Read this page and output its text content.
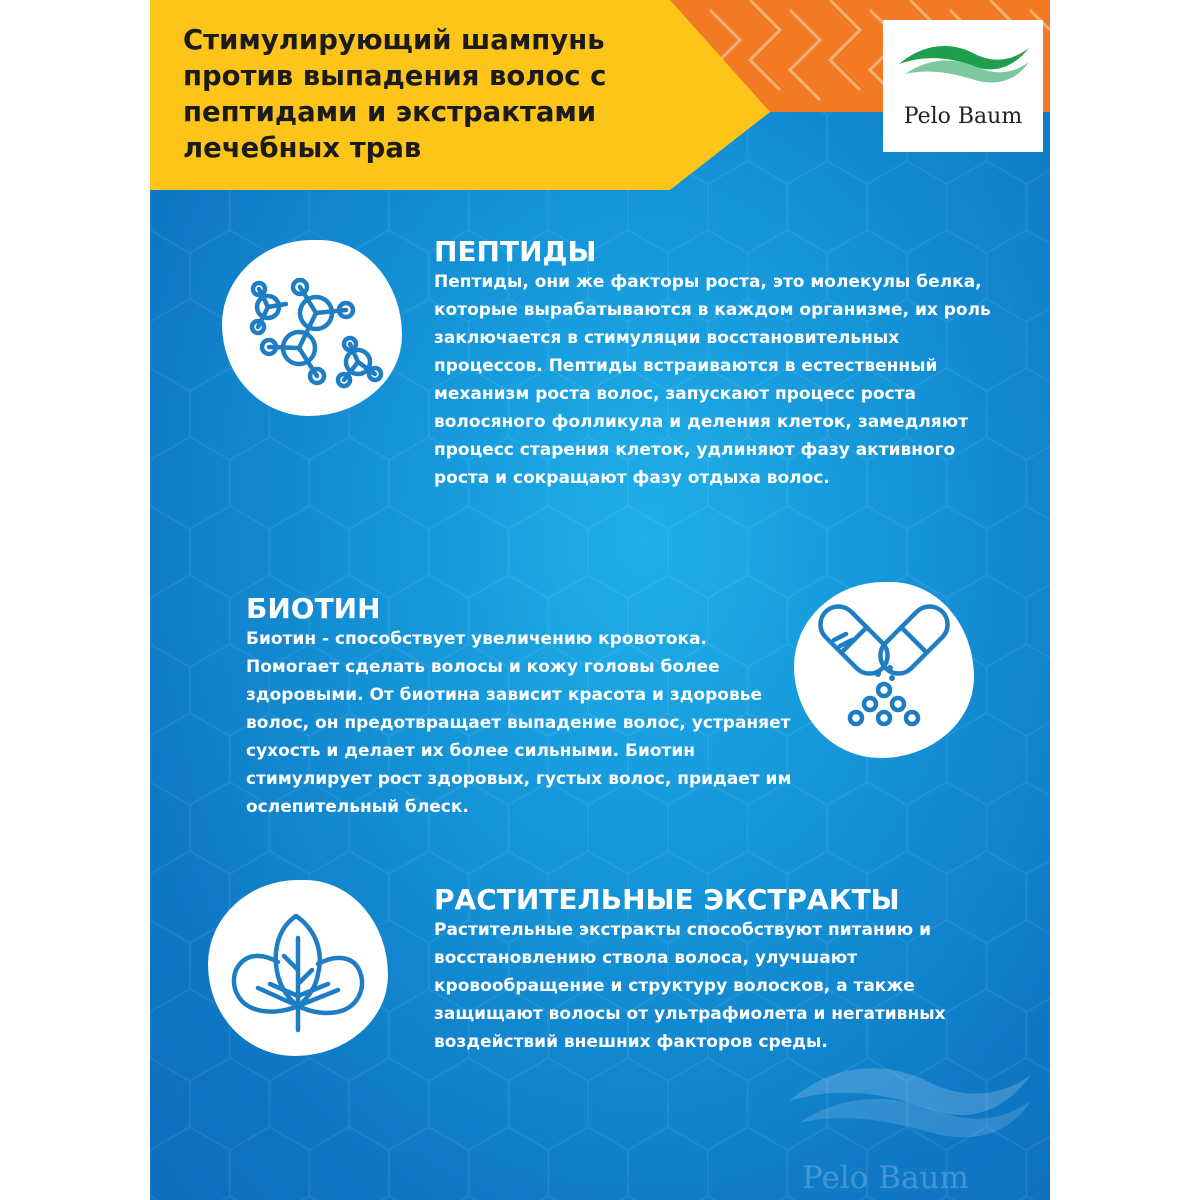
Стимулирующий шампунь против выпадения волос с пептидами и экстрактами лечебных трав
Pelo Baum
ПЕПТИДЫ

Пептиды, они же факторы роста, это молекулы белка, которые вырабатываются в каждом организме, их роль заключается в стимуляции восстановительных процессов. Пептиды встраиваются в естественный механизм роста волос, запускают процесс роста волосяного фолликула и деления клеток, замедляют процесс старения клеток, удлиняют фазу активного роста и сокращают фазу отдыха волос.

БИОТИН

Биотин - способствует увеличению кровотока. Помогает сделать волосы и кожу головы более здоровыми. От биотина зависит красота и здоровье волос, он предотвращает выпадение волос, устраняет сухость и делает их более сильными. Биотин стимулирует рост здоровых, густых волос, придает им ослепительный блеск.

РАСТИТЕЛЬНЫЕ ЭКСТРАКТЫ

Растительные экстракты способствуют питанию и восстановлению ствола волоса, улучшают кровообращение и структуру волосков, а также защищают волосы от ультрафиолета и негативных воздействий внешних факторов среды.

Pelo Baum
